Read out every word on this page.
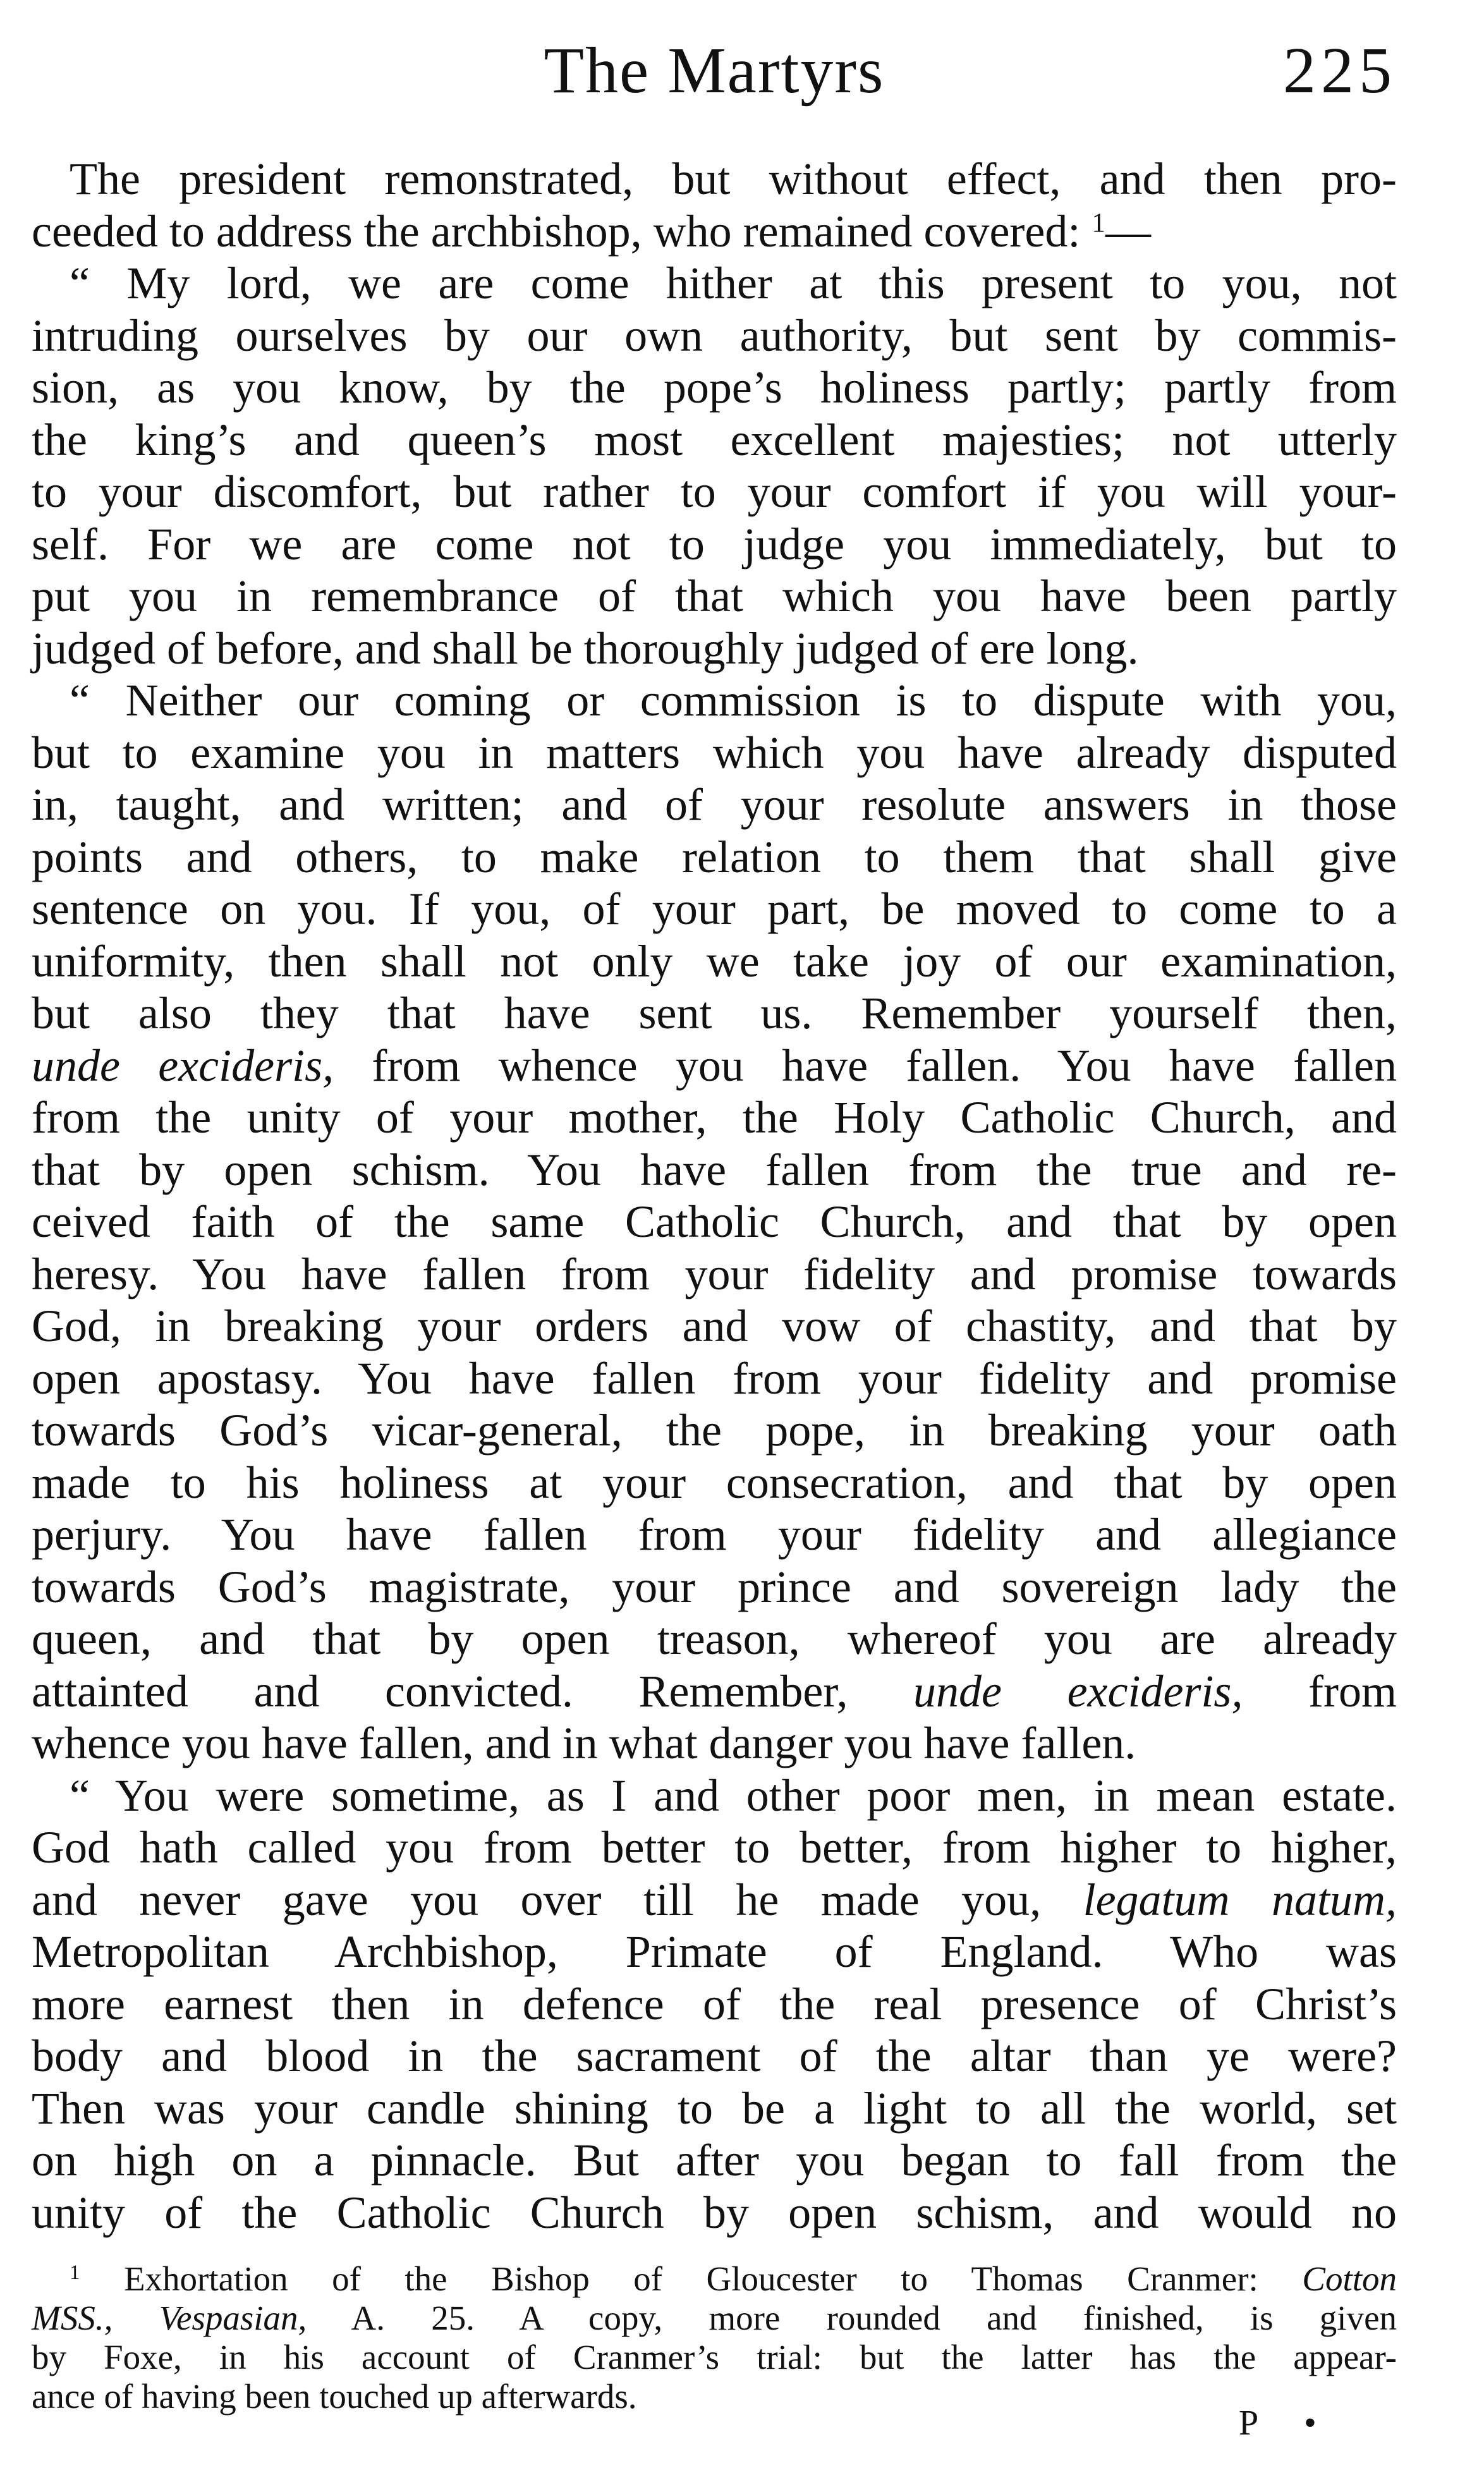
The Martyrs	225
The president remonstrated, but without effect, and then pro-
ceeded to address the archbishop, who remained covered: $^1$—
“ My lord, we are come hither at this present to you, not
intruding ourselves by our own authority, but sent by commis-
sion, as you know, by the pope’s holiness partly; partly from
the king’s and queen’s most excellent majesties; not utterly
to your discomfort, but rather to your comfort if you will your-
self. For we are come not to judge you immediately, but to
put you in remembrance of that which you have been partly
judged of before, and shall be thoroughly judged of ere long.
“ Neither our coming or commission is to dispute with you,
but to examine you in matters which you have already disputed
in, taught, and written; and of your resolute answers in those
points and others, to make relation to them that shall give
sentence on you. If you, of your part, be moved to come to a
uniformity, then shall not only we take joy of our examination,
but also they that have sent us. Remember yourself then,
unde excideris, from whence you have fallen. You have fallen
from the unity of your mother, the Holy Catholic Church, and
that by open schism. You have fallen from the true and re-
ceived faith of the same Catholic Church, and that by open
heresy. You have fallen from your fidelity and promise towards
God, in breaking your orders and vow of chastity, and that by
open apostasy. You have fallen from your fidelity and promise
towards God’s vicar-general, the pope, in breaking your oath
made to his holiness at your consecration, and that by open
perjury. You have fallen from your fidelity and allegiance
towards God’s magistrate, your prince and sovereign lady the
queen, and that by open treason, whereof you are already
attainted and convicted. Remember, unde excideris, from
whence you have fallen, and in what danger you have fallen.
“ You were sometime, as I and other poor men, in mean estate.
God hath called you from better to better, from higher to higher,
and never gave you over till he made you, legatum natum,
Metropolitan Archbishop, Primate of England. Who was
more earnest then in defence of the real presence of Christ’s
body and blood in the sacrament of the altar than ye were?
Then was your candle shining to be a light to all the world, set
on high on a pinnacle. But after you began to fall from the
unity of the Catholic Church by open schism, and would no
$^1$ Exhortation of the Bishop of Gloucester to Thomas Cranmer: Cotton
MSS., Vespasian, A. 25. A copy, more rounded and finished, is given
by Foxe, in his account of Cranmer’s trial: but the latter has the appear-
ance of having been touched up afterwards.
P •
